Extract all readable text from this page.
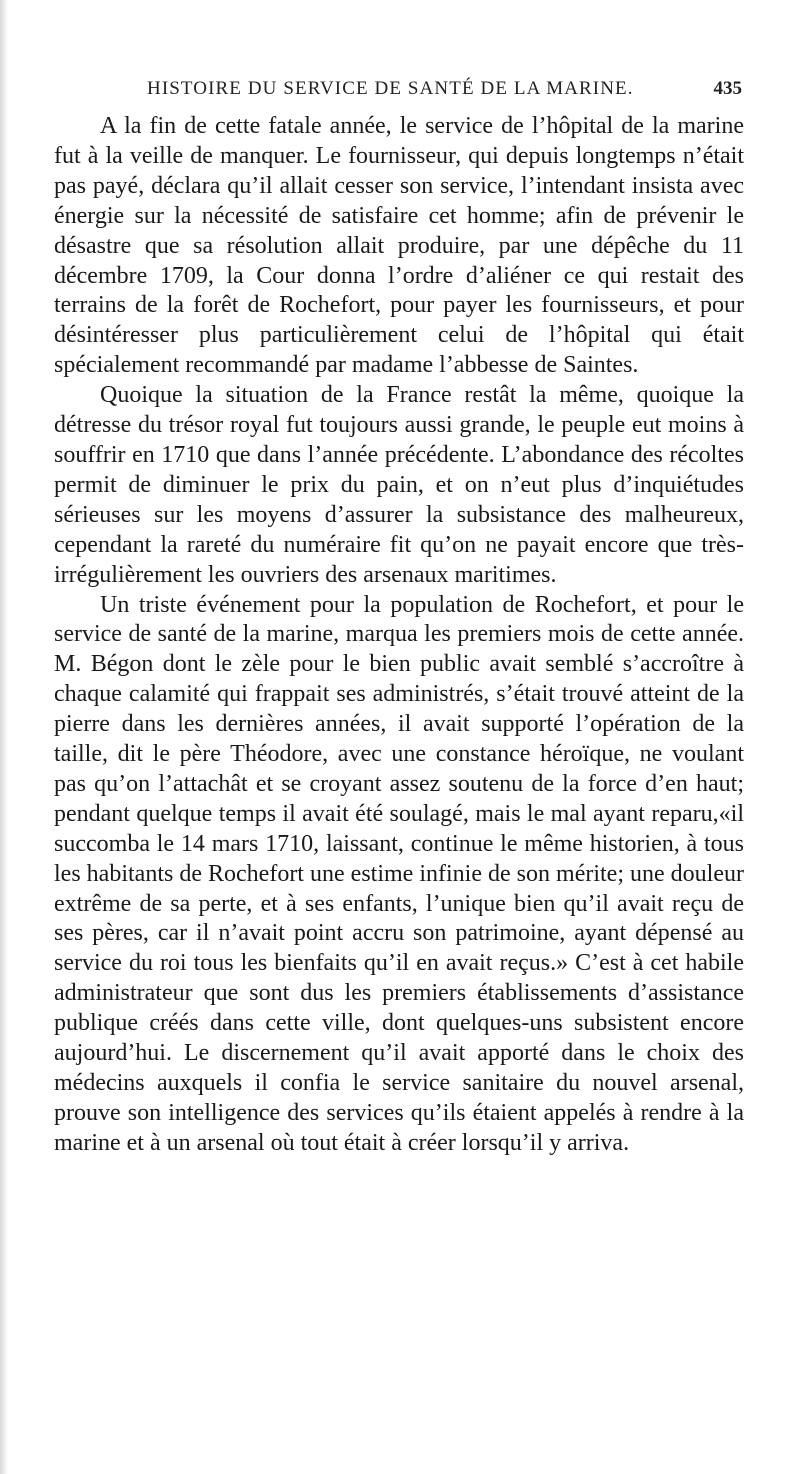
HISTOIRE DU SERVICE DE SANTÉ DE LA MARINE.	435

A la fin de cette fatale année, le service de l’hôpital de la marine fut à la veille de manquer. Le fournisseur, qui depuis longtemps n’était pas payé, déclara qu’il allait cesser son service, l’intendant insista avec énergie sur la nécessité de satisfaire cet homme; afin de prévenir le désastre que sa résolution allait produire, par une dépêche du 11 décembre 1709, la Cour donna l’ordre d’aliéner ce qui restait des terrains de la forêt de Rochefort, pour payer les fournisseurs, et pour désintéresser plus particulièrement celui de l’hôpital qui était spécialement recommandé par madame l’abbesse de Saintes.

Quoique la situation de la France restât la même, quoique la détresse du trésor royal fut toujours aussi grande, le peuple eut moins à souffrir en 1710 que dans l’année précédente. L’abondance des récoltes permit de diminuer le prix du pain, et on n’eut plus d’inquiétudes sérieuses sur les moyens d’assurer la subsistance des malheureux, cependant la rareté du numéraire fit qu’on ne payait encore que très-irrégulièrement les ouvriers des arsenaux maritimes.

Un triste événement pour la population de Rochefort, et pour le service de santé de la marine, marqua les premiers mois de cette année. M. Bégon dont le zèle pour le bien public avait semblé s’accroître à chaque calamité qui frappait ses administrés, s’était trouvé atteint de la pierre dans les dernières années, il avait supporté l’opération de la taille, dit le père Théodore, avec une constance héroïque, ne voulant pas qu’on l’attachât et se croyant assez soutenu de la force d’en haut; pendant quelque temps il avait été soulagé, mais le mal ayant reparu,«il succomba le 14 mars 1710, laissant, continue le même historien, à tous les habitants de Rochefort une estime infinie de son mérite; une douleur extrême de sa perte, et à ses enfants, l’unique bien qu’il avait reçu de ses pères, car il n’avait point accru son patrimoine, ayant dépensé au service du roi tous les bienfaits qu’il en avait reçus.» C’est à cet habile administrateur que sont dus les premiers établissements d’assistance publique créés dans cette ville, dont quelques-uns subsistent encore aujourd’hui. Le discernement qu’il avait apporté dans le choix des médecins auxquels il confia le service sanitaire du nouvel arsenal, prouve son intelligence des services qu’ils étaient appelés à rendre à la marine et à un arsenal où tout était à créer lorsqu’il y arriva.
